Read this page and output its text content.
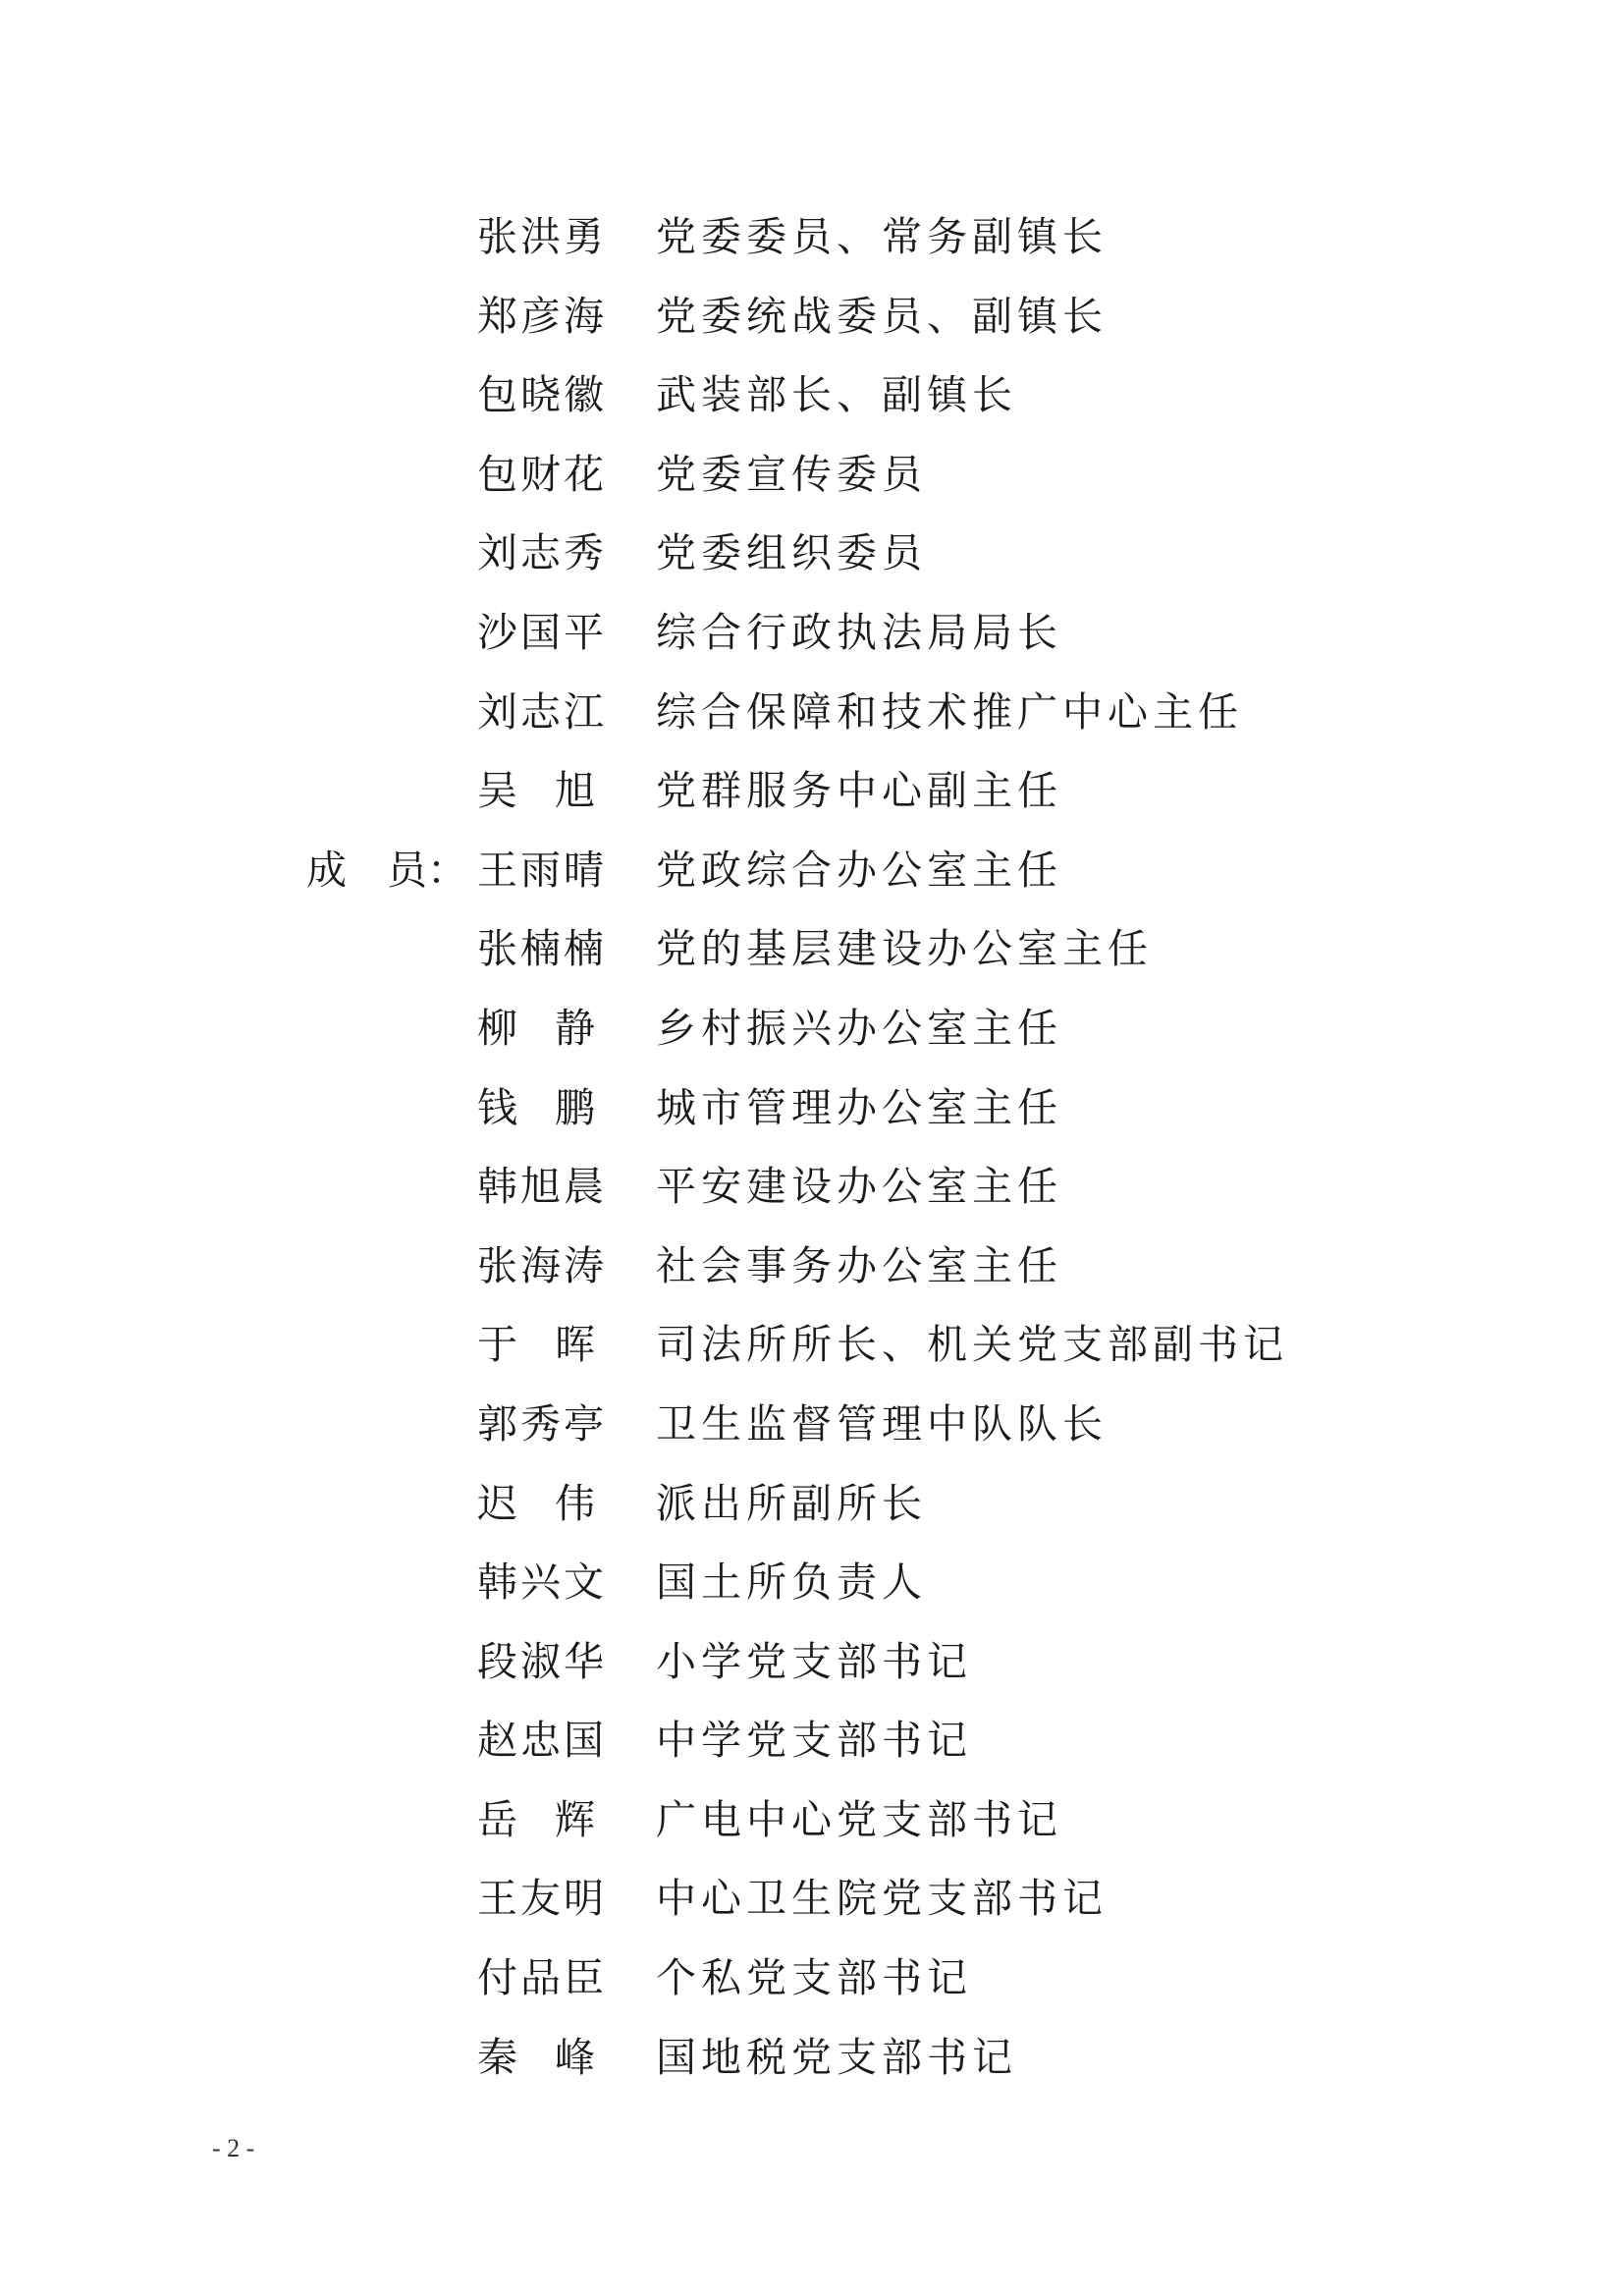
张洪勇	党委委员、常务副镇长
郑彦海	党委统战委员、副镇长
包晓徽	武装部长、副镇长
包财花	党委宣传委员
刘志秀	党委组织委员
沙国平	综合行政执法局局长
刘志江	综合保障和技术推广中心主任
吴旭 党群服务中心副主任
成　员： 王雨晴	党政综合办公室主任
张楠楠	党的基层建设办公室主任
柳静 乡村振兴办公室主任
钱鹏 城市管理办公室主任
韩旭晨	平安建设办公室主任
张海涛	社会事务办公室主任
于晖 司法所所长、机关党支部副书记
郭秀亭	卫生监督管理中队队长
迟伟 派出所副所长
韩兴文	国土所负责人
段淑华	小学党支部书记
赵忠国	中学党支部书记
岳辉 广电中心党支部书记
王友明	中心卫生院党支部书记
付品臣	个私党支部书记
秦峰 国地税党支部书记
- 2 -
